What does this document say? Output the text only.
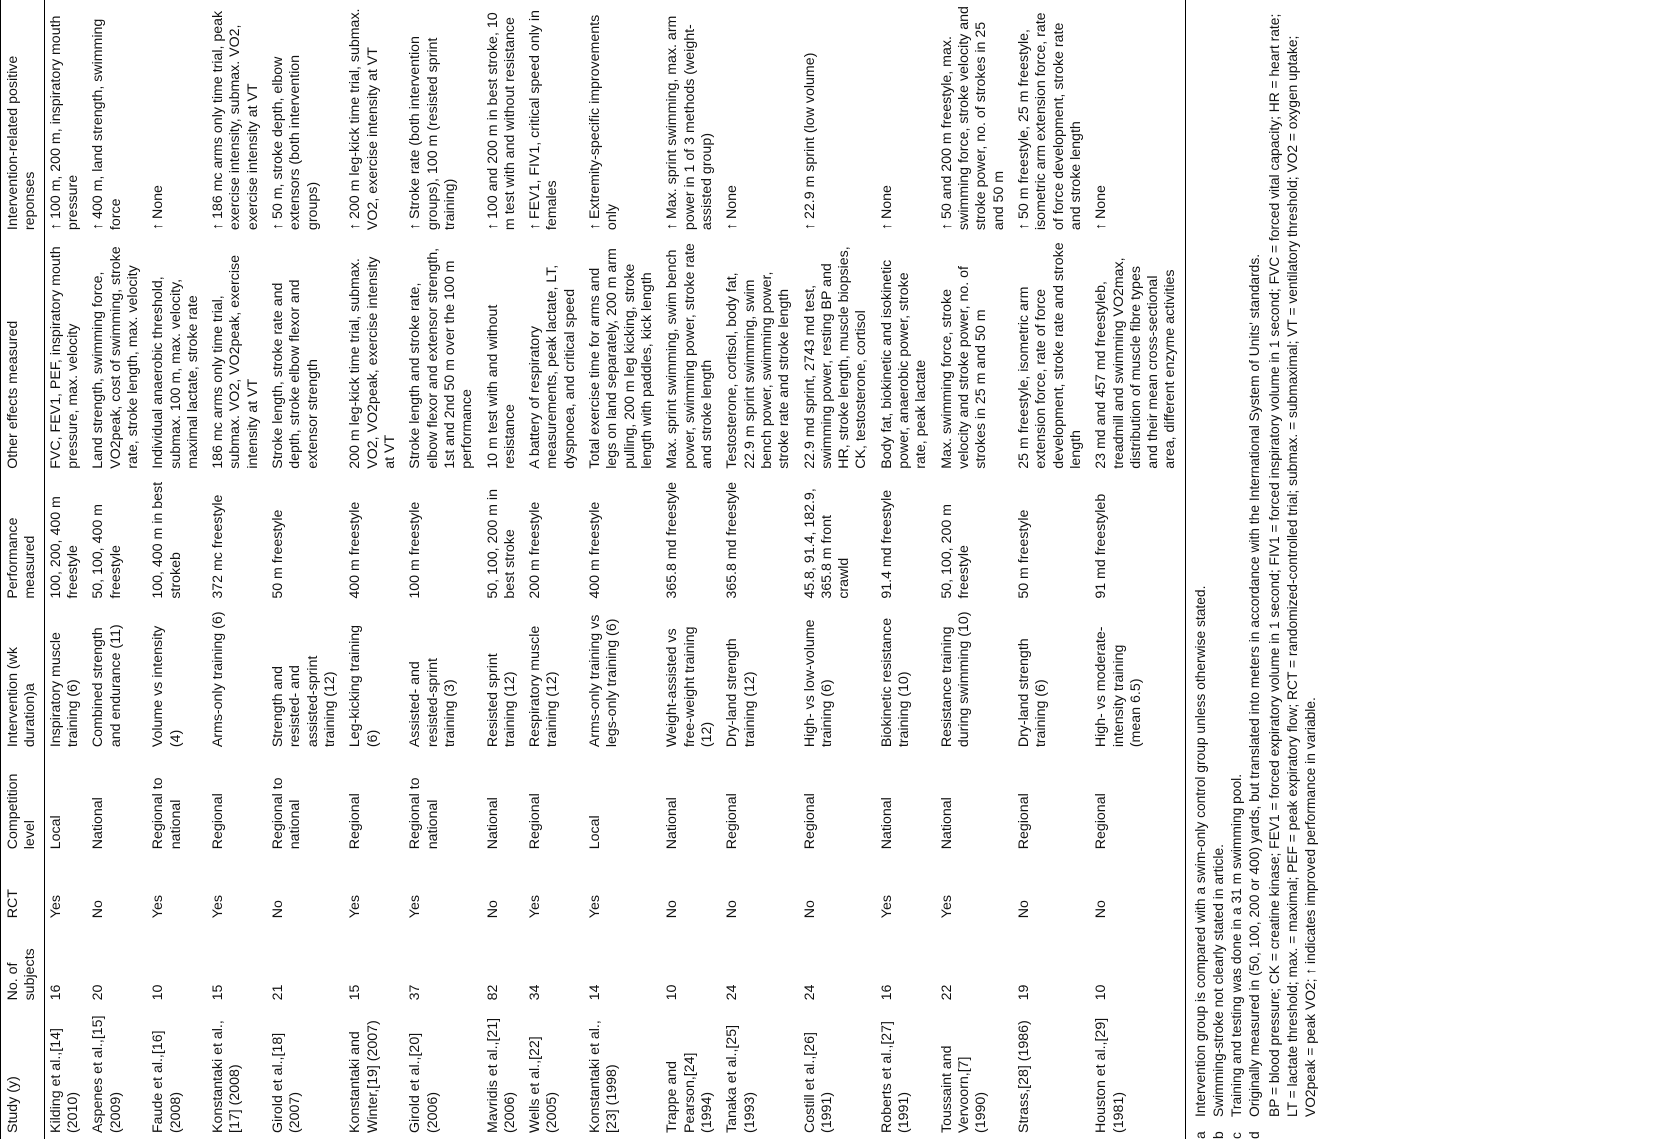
Study (y)	No. of subjects	RCT	Competition level	Intervention (wk duration)a	Performance measured	Other effects measured	Intervention-related positive reponses
Kilding et al.,[14] (2010)	16	Yes	Local	Inspiratory muscle training (6)	100, 200, 400 m freestyle	FVC, FEV1, PEF, inspiratory mouth pressure, max. velocity	↑ 100 m, 200 m, inspiratory mouth pressure
Aspenes et al.,[15] (2009)	20	No	National	Combined strength and endurance (11)	50, 100, 400 m freestyle	Land strength, swimming force, VO2peak, cost of swimming, stroke rate, stroke length, max. velocity	↑ 400 m, land strength, swimming force
Faude et al.,[16] (2008)	10	Yes	Regional to national	Volume vs intensity (4)	100, 400 m in best strokeb	Individual anaerobic threshold, submax. 100 m, max. velocity, maximal lactate, stroke rate	↑ None
Konstantaki et al.,[17] (2008)	15	Yes	Regional	Arms-only training (6)	372 mc freestyle	186 mc arms only time trial, submax. VO2, VO2peak, exercise intensity at VT	↑ 186 mc arms only time trial, peak exercise intensity, submax. VO2, exercise intensity at VT
Girold et al.,[18] (2007)	21	No	Regional to national	Strength and resisted- and assisted-sprint training (12)	50 m freestyle	Stroke length, stroke rate and depth, stroke elbow flexor and extensor strength	↑ 50 m, stroke depth, elbow extensors (both intervention groups)
Konstantaki and Winter,[19] (2007)	15	Yes	Regional	Leg-kicking training (6)	400 m freestyle	200 m leg-kick time trial, submax. VO2, VO2peak, exercise intensity at VT	↑ 200 m leg-kick time trial, submax. VO2, exercise intensity at VT
Girold et al.,[20] (2006)	37	Yes	Regional to national	Assisted- and resisted-sprint training (3)	100 m freestyle	Stroke length and stroke rate, elbow flexor and extensor strength, 1st and 2nd 50 m over the 100 m performance	↑ Stroke rate (both intervention groups), 100 m (resisted sprint training)
Mavridis et al.,[21] (2006)	82	No	National	Resisted sprint training (12)	50, 100, 200 m in best stroke	10 m test with and without resistance	↑ 100 and 200 m in best stroke, 10 m test with and without resistance
Wells et al.,[22] (2005)	34	Yes	Regional	Respiratory muscle training (12)	200 m freestyle	A battery of respiratory measurements, peak lactate, LT, dyspnoea, and critical speed	↑ FEV1, FIV1, critical speed only in females
Konstantaki et al.,[23] (1998)	14	Yes	Local	Arms-only training vs legs-only training (6)	400 m freestyle	Total exercise time for arms and legs on land separately, 200 m arm pulling, 200 m leg kicking, stroke length with paddles, kick length	↑ Extremity-specific improvements only
Trappe and Pearson,[24] (1994)	10	No	National	Weight-assisted vs free-weight training (12)	365.8 md freestyle	Max. sprint swimming, swim bench power, swimming power, stroke rate and stroke length	↑ Max. sprint swimming, max. arm power in 1 of 3 methods (weight-assisted group)
Tanaka et al.,[25] (1993)	24	No	Regional	Dry-land strength training (12)	365.8 md freestyle	Testosterone, cortisol, body fat, 22.9 m sprint swimming, swim bench power, swimming power, stroke rate and stroke length	↑ None
Costill et al.,[26] (1991)	24	No	Regional	High- vs low-volume training (6)	45.8, 91.4, 182.9, 365.8 m front crawld	22.9 md sprint, 2743 md test, swimming power, resting BP and HR, stroke length, muscle biopsies, CK, testosterone, cortisol	↑ 22.9 m sprint (low volume)
Roberts et al.,[27] (1991)	16	Yes	National	Biokinetic resistance training (10)	91.4 md freestyle	Body fat, biokinetic and isokinetic power, anaerobic power, stroke rate, peak lactate	↑ None
Toussaint and Vervoorn,[7] (1990)	22	Yes	National	Resistance training during swimming (10)	50, 100, 200 m freestyle	Max. swimming force, stroke velocity and stroke power, no. of strokes in 25 m and 50 m	↑ 50 and 200 m freestyle, max. swimming force, stroke velocity and stroke power, no. of strokes in 25 and 50 m
Strass,[28] (1986)	19	No	Regional	Dry-land strength training (6)	50 m freestyle	25 m freestyle, isometric arm extension force, rate of force development, stroke rate and stroke length	↑ 50 m freestyle, 25 m freestyle, isometric arm extension force, rate of force development, stroke rate and stroke length
Houston et al.,[29] (1981)	10	No	Regional	High- vs moderate-intensity training (mean 6.5)	91 md freestyleb	23 md and 457 md freestyleb, treadmill and swimming VO2max, distribution of muscle fibre types and their mean cross-sectional area, different enzyme activities	↑ None
a
Intervention group is compared with a swim-only control group unless otherwise stated.
b
Swimming-stroke not clearly stated in article.
c
Training and testing was done in a 31 m swimming pool.
d
Originally measured in (50, 100, 200 or 400) yards, but translated into meters in accordance with the International System of Units' standards. BP = blood pressure; CK = creatine kinase; FEV1 = forced expiratory volume in 1 second; FIV1 = forced inspiratory volume in 1 second; FVC = forced vital capacity; HR = heart rate; LT = lactate threshold; max. = maximal; PEF = peak expiratory flow; RCT = randomized-controlled trial; submax. = submaximal; VT = ventilatory threshold; VO2 = oxygen uptake; VO2peak = peak VO2; ↑ indicates improved performance in variable.
